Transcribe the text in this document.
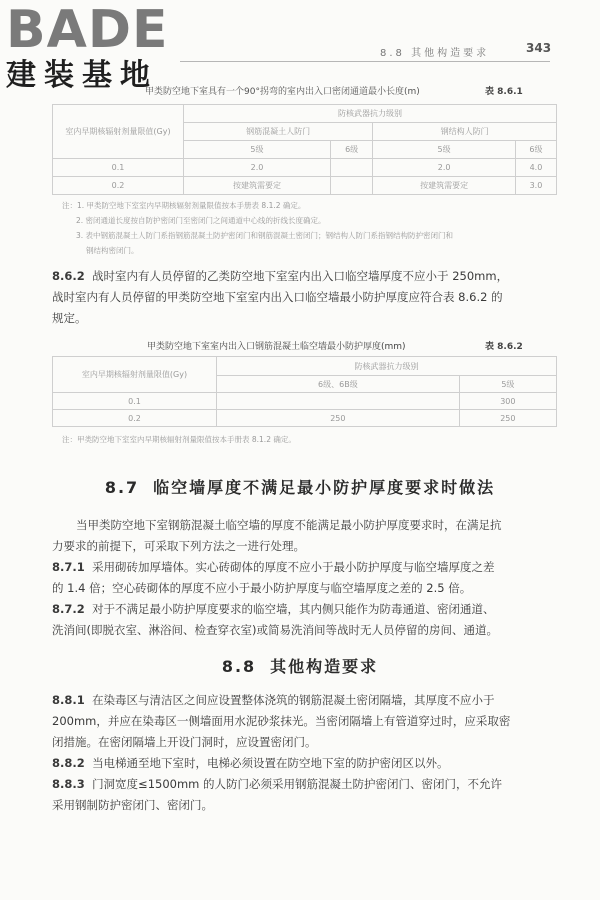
BADE
建装基地
8.8 其他构造要求	343
甲类防空地下室具有一个90°拐弯的室内出入口密闭通道最小长度(m)	表 8.6.1
室内早期核辐射剂量限值(Gy)	防核武器抗力级别			
	钢筋混凝土人防门		钢结构人防门	
	5级	6级	5级	6级
0.1	2.0		2.0	4.0
0.2	按建筑需要定		按建筑需要定	3.0
注：1. 甲类防空地下室室内早期核辐射剂量限值按本手册表 8.1.2 确定。
2. 密闭通道长度按自防护密闭门至密闭门之间通道中心线的折线长度确定。
3. 表中钢筋混凝土人防门系指钢筋混凝土防护密闭门和钢筋混凝土密闭门；钢结构人防门系指钢结构防护密闭门和
钢结构密闭门。
8.6.2 战时室内有人员停留的乙类防空地下室室内出入口临空墙厚度不应小于 250mm，
战时室内有人员停留的甲类防空地下室室内出入口临空墙最小防护厚度应符合表 8.6.2 的
规定。
甲类防空地下室室内出入口钢筋混凝土临空墙最小防护厚度(mm)	表 8.6.2
室内早期核辐射剂量限值(Gy)	防核武器抗力级别	
	6级、6B级	5级
0.1		300
0.2	250	250
注：甲类防空地下室室内早期核辐射剂量限值按本手册表 8.1.2 确定。
8.7 临空墙厚度不满足最小防护厚度要求时做法
当甲类防空地下室钢筋混凝土临空墙的厚度不能满足最小防护厚度要求时，在满足抗
力要求的前提下，可采取下列方法之一进行处理。
8.7.1 采用砌砖加厚墙体。实心砖砌体的厚度不应小于最小防护厚度与临空墙厚度之差
的 1.4 倍；空心砖砌体的厚度不应小于最小防护厚度与临空墙厚度之差的 2.5 倍。
8.7.2 对于不满足最小防护厚度要求的临空墙，其内侧只能作为防毒通道、密闭通道、
洗消间(即脱衣室、淋浴间、检查穿衣室)或简易洗消间等战时无人员停留的房间、通道。
8.8 其他构造要求
8.8.1 在染毒区与清洁区之间应设置整体浇筑的钢筋混凝土密闭隔墙，其厚度不应小于
200mm，并应在染毒区一侧墙面用水泥砂浆抹光。当密闭隔墙上有管道穿过时，应采取密
闭措施。在密闭隔墙上开设门洞时，应设置密闭门。
8.8.2 当电梯通至地下室时，电梯必须设置在防空地下室的防护密闭区以外。
8.8.3 门洞宽度≤1500mm 的人防门必须采用钢筋混凝土防护密闭门、密闭门，不允许
采用钢制防护密闭门、密闭门。
